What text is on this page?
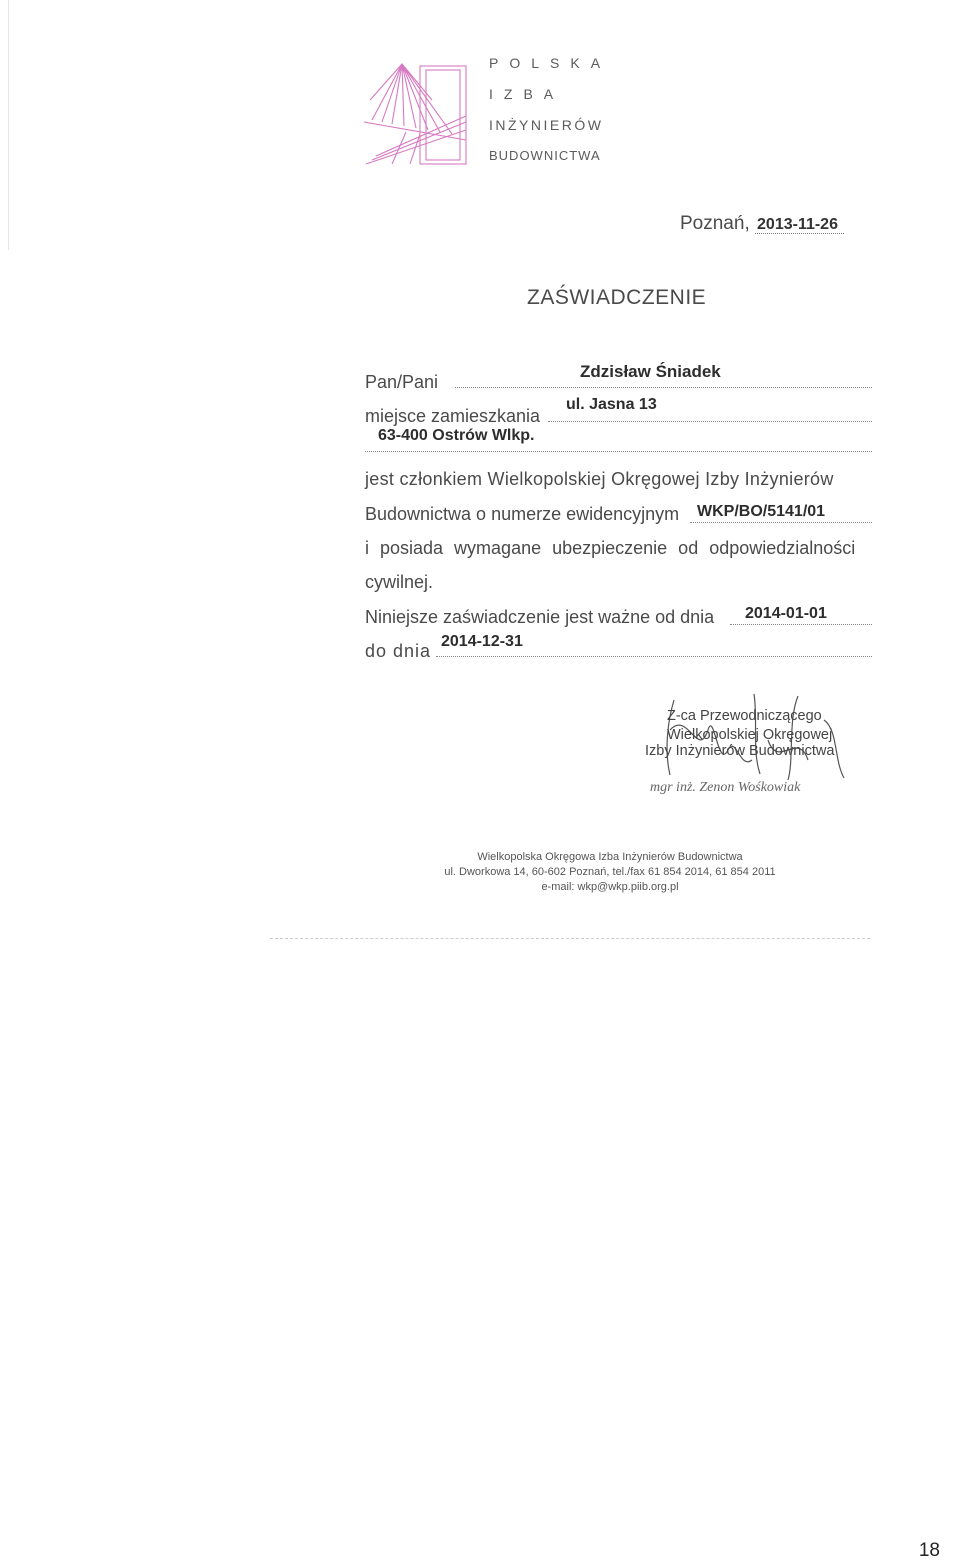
POLSKA
IZBA
INŻYNIERÓW
BUDOWNICTWA
Poznań, 2013-11-26
ZAŚWIADCZENIE
Pan/Pani
Zdzisław Śniadek
miejsce zamieszkania
ul. Jasna 13
63-400 Ostrów Wlkp.
jest członkiem Wielkopolskiej Okręgowej Izby Inżynierów
Budownictwa o numerze ewidencyjnym WKP/BO/5141/01
i posiada wymagane ubezpieczenie od odpowiedzialności
cywilnej.
Niniejsze zaświadczenie jest ważne od dnia 2014-01-01
do dnia 2014-12-31
Z-ca Przewodniczącego
Wielkopolskiej Okręgowej
Izby Inżynierów Budownictwa
mgr inż. Zenon Wośkowiak
Wielkopolska Okręgowa Izba Inżynierów Budownictwa
ul. Dworkowa 14, 60-602 Poznań, tel./fax 61 854 2014, 61 854 2011
e-mail: wkp@wkp.piib.org.pl
18
